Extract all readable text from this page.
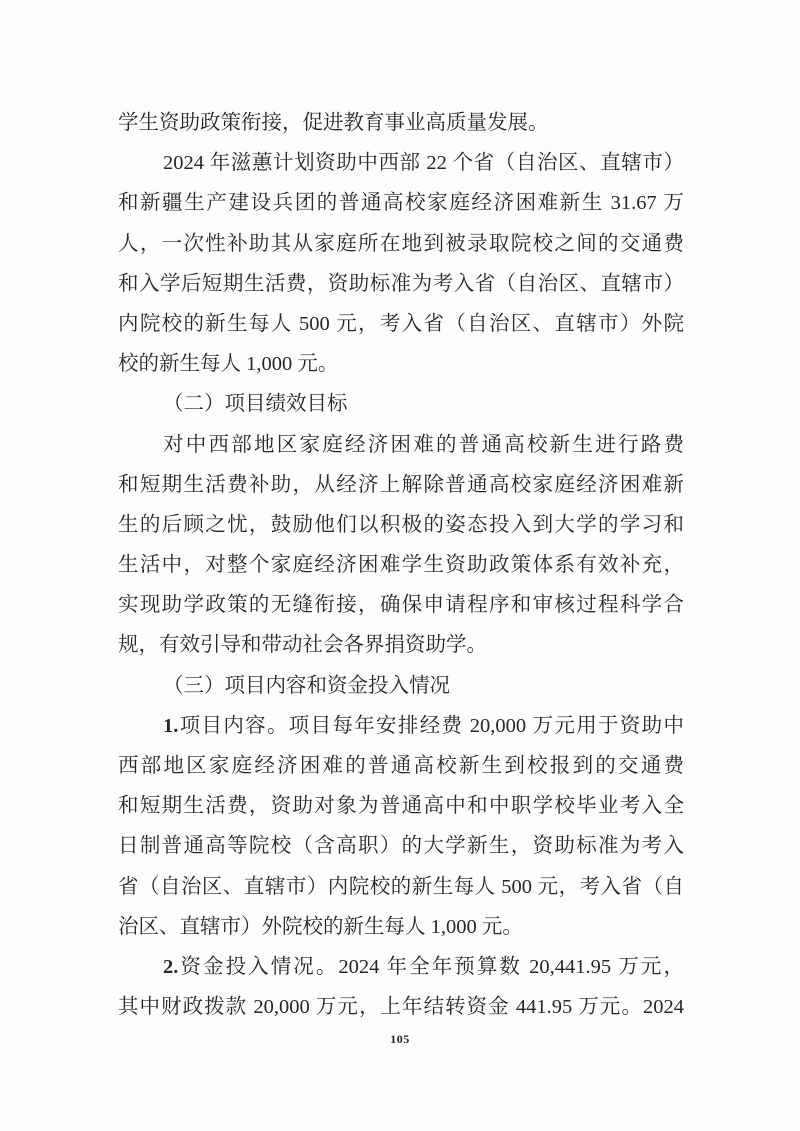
学生资助政策衔接，促进教育事业高质量发展。
2024 年滋蕙计划资助中西部 22 个省（自治区、直辖市）
和新疆生产建设兵团的普通高校家庭经济困难新生 31.67 万
人，一次性补助其从家庭所在地到被录取院校之间的交通费
和入学后短期生活费，资助标准为考入省（自治区、直辖市）
内院校的新生每人 500 元，考入省（自治区、直辖市）外院
校的新生每人 1,000 元。
（二）项目绩效目标
对中西部地区家庭经济困难的普通高校新生进行路费
和短期生活费补助，从经济上解除普通高校家庭经济困难新
生的后顾之忧，鼓励他们以积极的姿态投入到大学的学习和
生活中，对整个家庭经济困难学生资助政策体系有效补充，
实现助学政策的无缝衔接，确保申请程序和审核过程科学合
规，有效引导和带动社会各界捐资助学。
（三）项目内容和资金投入情况
1.项目内容。项目每年安排经费 20,000 万元用于资助中
西部地区家庭经济困难的普通高校新生到校报到的交通费
和短期生活费，资助对象为普通高中和中职学校毕业考入全
日制普通高等院校（含高职）的大学新生，资助标准为考入
省（自治区、直辖市）内院校的新生每人 500 元，考入省（自
治区、直辖市）外院校的新生每人 1,000 元。
2.资金投入情况。2024 年全年预算数 20,441.95 万元，
其中财政拨款 20,000 万元，上年结转资金 441.95 万元。2024
105
